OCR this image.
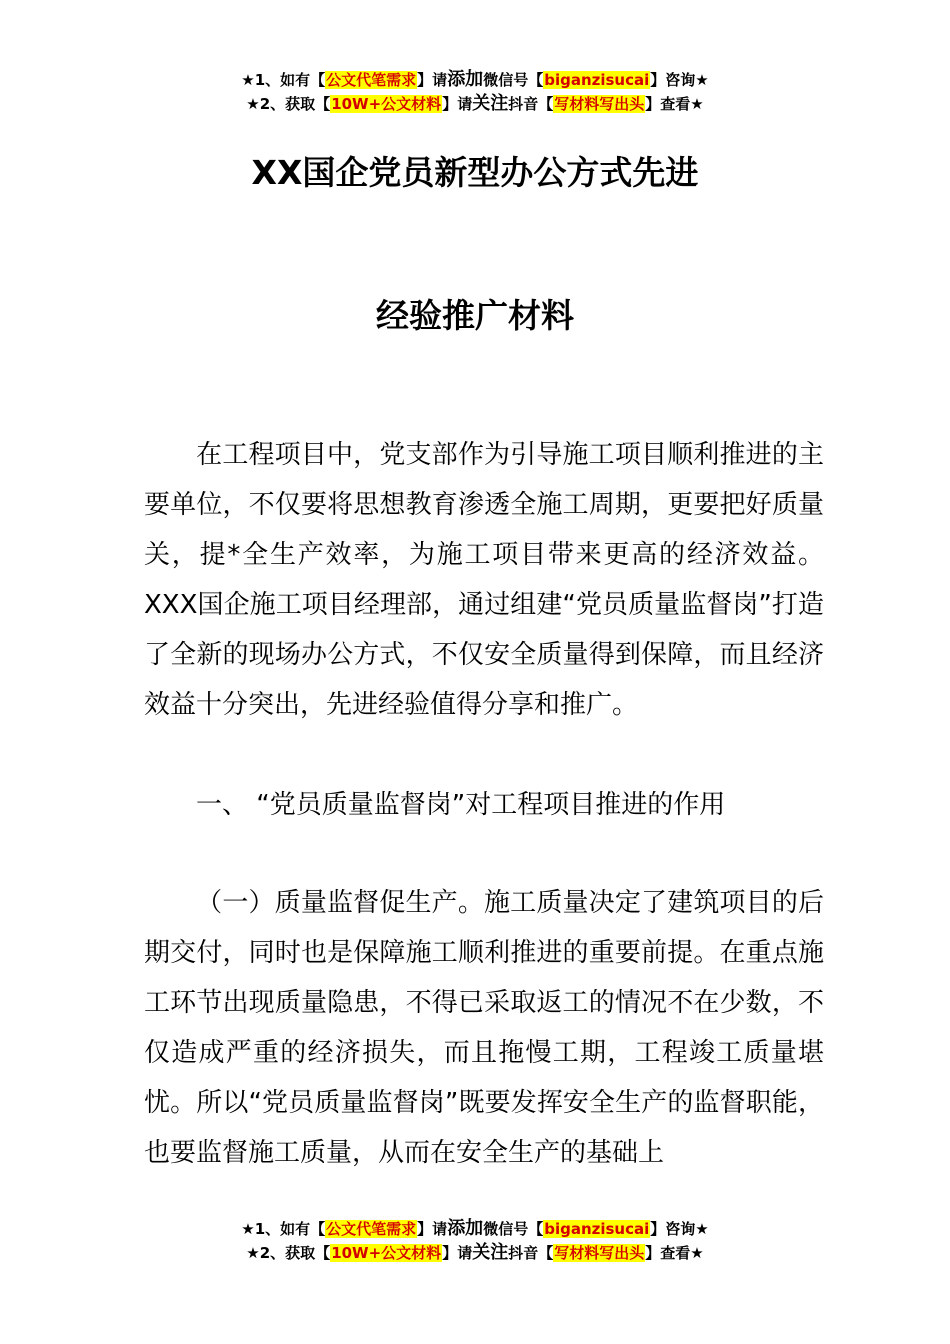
★1、如有【公文代笔需求】请添加微信号【biganzisucai】咨询★
★2、获取【10W+公文材料】请关注抖音【写材料写出头】查看★
XX国企党员新型办公方式先进
经验推广材料

在工程项目中，党支部作为引导施工项目顺利推进的主要单位，不仅要将思想教育渗透全施工周期，更要把好质量关，提*全生产效率，为施工项目带来更高的经济效益。XXX国企施工项目经理部，通过组建“党员质量监督岗”打造了全新的现场办公方式，不仅安全质量得到保障，而且经济效益十分突出，先进经验值得分享和推广。

一、 “党员质量监督岗”对工程项目推进的作用

（一）质量监督促生产。施工质量决定了建筑项目的后期交付，同时也是保障施工顺利推进的重要前提。在重点施工环节出现质量隐患，不得已采取返工的情况不在少数，不仅造成严重的经济损失，而且拖慢工期，工程竣工质量堪忧。所以“党员质量监督岗”既要发挥安全生产的监督职能，也要监督施工质量，从而在安全生产的基础上

★1、如有【公文代笔需求】请添加微信号【biganzisucai】咨询★
★2、获取【10W+公文材料】请关注抖音【写材料写出头】查看★
